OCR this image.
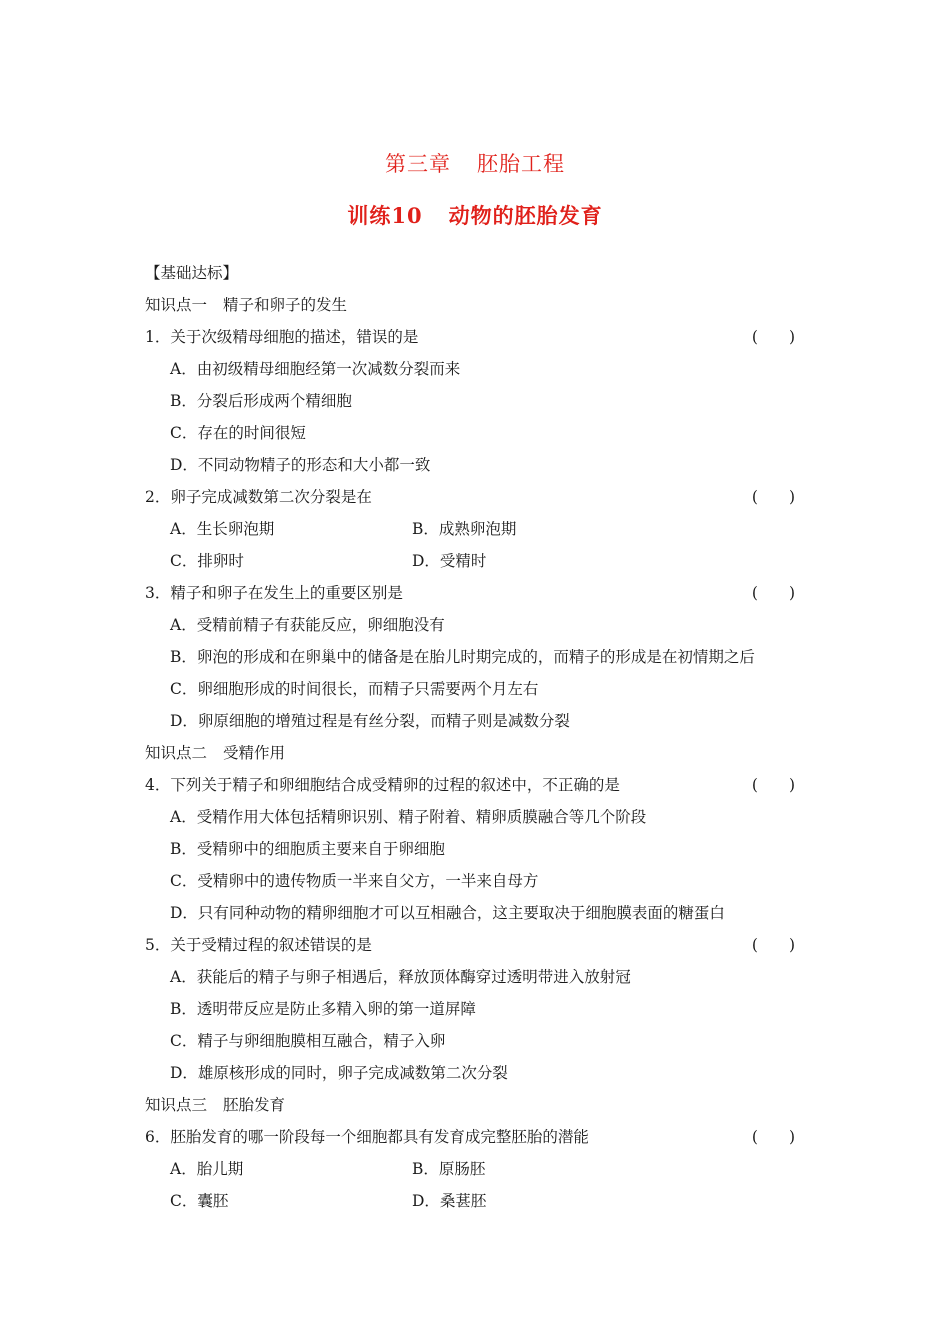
第三章 胚胎工程
训练10 动物的胚胎发育
【基础达标】
知识点一 精子和卵子的发生
1．关于次级精母细胞的描述，错误的是	(　　)
A．由初级精母细胞经第一次减数分裂而来
B．分裂后形成两个精细胞
C．存在的时间很短
D．不同动物精子的形态和大小都一致
2．卵子完成减数第二次分裂是在	(　　)
A．生长卵泡期	B．成熟卵泡期
C．排卵时	D．受精时
3．精子和卵子在发生上的重要区别是	(　　)
A．受精前精子有获能反应，卵细胞没有
B．卵泡的形成和在卵巢中的储备是在胎儿时期完成的，而精子的形成是在初情期之后
C．卵细胞形成的时间很长，而精子只需要两个月左右
D．卵原细胞的增殖过程是有丝分裂，而精子则是减数分裂
知识点二 受精作用
4．下列关于精子和卵细胞结合成受精卵的过程的叙述中，不正确的是	(　　)
A．受精作用大体包括精卵识别、精子附着、精卵质膜融合等几个阶段
B．受精卵中的细胞质主要来自于卵细胞
C．受精卵中的遗传物质一半来自父方，一半来自母方
D．只有同种动物的精卵细胞才可以互相融合，这主要取决于细胞膜表面的糖蛋白
5．关于受精过程的叙述错误的是	(　　)
A．获能后的精子与卵子相遇后，释放顶体酶穿过透明带进入放射冠
B．透明带反应是防止多精入卵的第一道屏障
C．精子与卵细胞膜相互融合，精子入卵
D．雄原核形成的同时，卵子完成减数第二次分裂
知识点三 胚胎发育
6．胚胎发育的哪一阶段每一个细胞都具有发育成完整胚胎的潜能	(　　)
A．胎儿期	B．原肠胚
C．囊胚	D．桑葚胚
